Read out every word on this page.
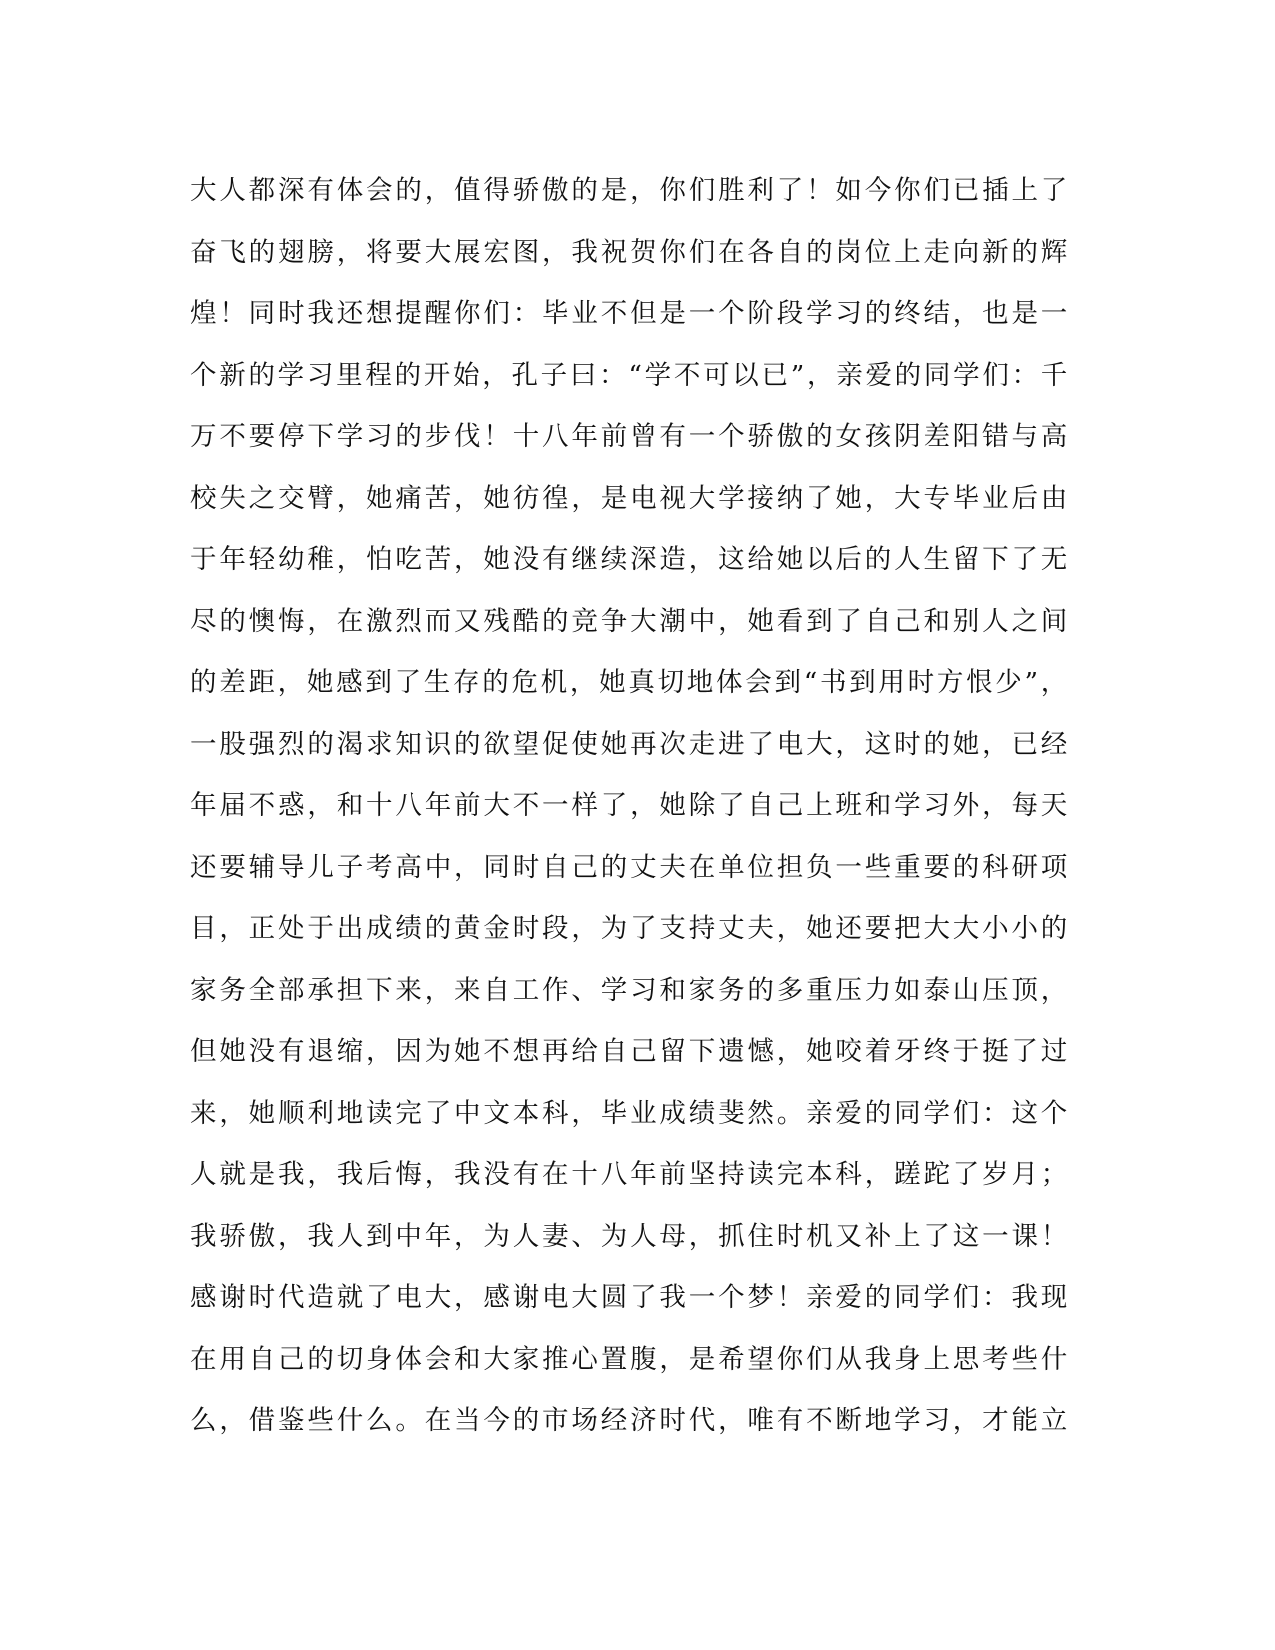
大人都深有体会的，值得骄傲的是，你们胜利了！如今你们已插上了
奋飞的翅膀，将要大展宏图，我祝贺你们在各自的岗位上走向新的辉
煌！同时我还想提醒你们：毕业不但是一个阶段学习的终结，也是一
个新的学习里程的开始，孔子曰：“学不可以已”，亲爱的同学们：千
万不要停下学习的步伐！十八年前曾有一个骄傲的女孩阴差阳错与高
校失之交臂，她痛苦，她彷徨，是电视大学接纳了她，大专毕业后由
于年轻幼稚，怕吃苦，她没有继续深造，这给她以后的人生留下了无
尽的懊悔，在激烈而又残酷的竞争大潮中，她看到了自己和别人之间
的差距，她感到了生存的危机，她真切地体会到“书到用时方恨少”，
一股强烈的渴求知识的欲望促使她再次走进了电大，这时的她，已经
年届不惑，和十八年前大不一样了，她除了自己上班和学习外，每天
还要辅导儿子考高中，同时自己的丈夫在单位担负一些重要的科研项
目，正处于出成绩的黄金时段，为了支持丈夫，她还要把大大小小的
家务全部承担下来，来自工作、学习和家务的多重压力如泰山压顶，
但她没有退缩，因为她不想再给自己留下遗憾，她咬着牙终于挺了过
来，她顺利地读完了中文本科，毕业成绩斐然。亲爱的同学们：这个
人就是我，我后悔，我没有在十八年前坚持读完本科，蹉跎了岁月；
我骄傲，我人到中年，为人妻、为人母，抓住时机又补上了这一课！
感谢时代造就了电大，感谢电大圆了我一个梦！亲爱的同学们：我现
在用自己的切身体会和大家推心置腹，是希望你们从我身上思考些什
么，借鉴些什么。在当今的市场经济时代，唯有不断地学习，才能立
